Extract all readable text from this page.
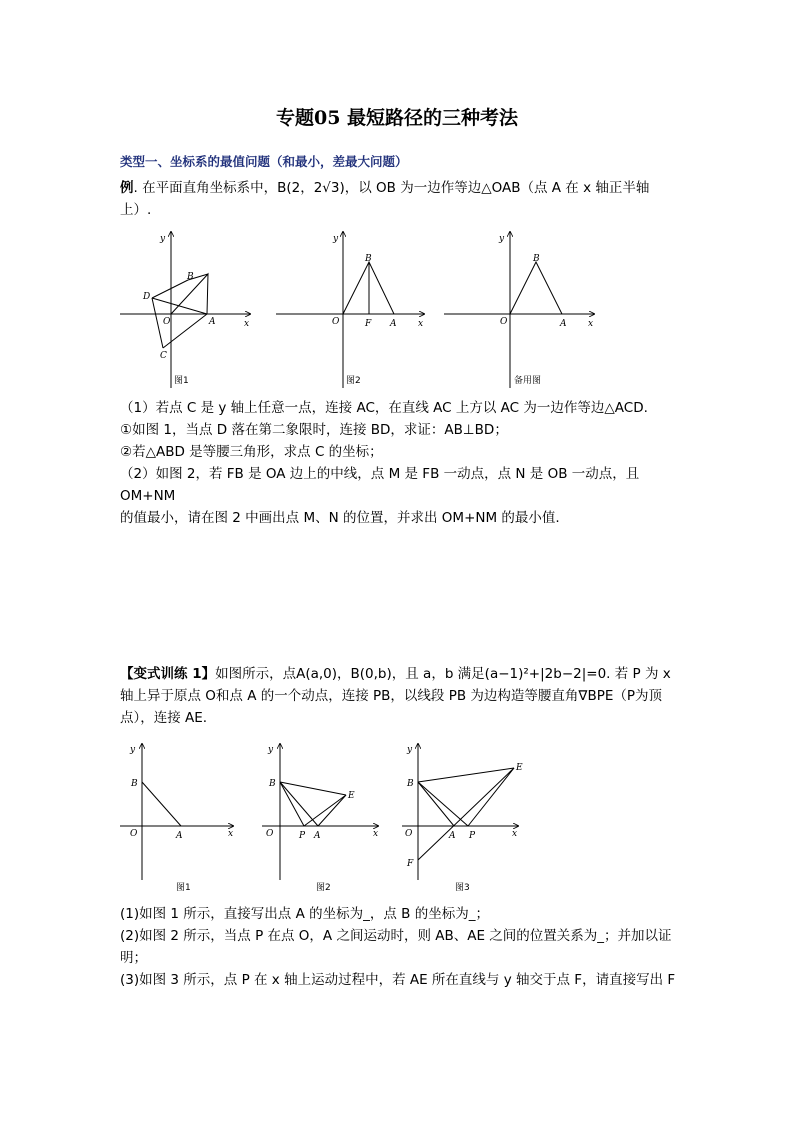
专题05 最短路径的三种考法
类型一、坐标系的最值问题（和最小，差最大问题）
例. 在平面直角坐标系中，B(2，2√3)，以 OB 为一边作等边△OAB（点 A 在 x 轴正半轴
上）.
y
x
O	A
B
D
C
y
x
O	F A
B
y
x
O	A
B
图1	图2	备用图
（1）若点 C 是 y 轴上任意一点，连接 AC，在直线 AC 上方以 AC 为一边作等边△ACD.
①如图 1，当点 D 落在第二象限时，连接 BD，求证：AB⊥BD；
②若△ABD 是等腰三角形，求点 C 的坐标；
（2）如图 2，若 FB 是 OA 边上的中线，点 M 是 FB 一动点，点 N 是 OB 一动点，且 OM+NM
的值最小，请在图 2 中画出点 M、N 的位置，并求出 OM+NM 的最小值.
【变式训练 1】如图所示，点A(a,0)，B(0,b)，且 a，b 满足(a−1)²+|2b−2|=0. 若 P 为 x
轴上异于原点 O和点 A 的一个动点，连接 PB，以线段 PB 为边构造等腰直角∇BPE（P为顶
点），连接 AE.
y
x
O	A
B
y
x
O	P A
E
B
y
x
O	A P
E
B
F
图1	图2	图3
(1)如图 1 所示，直接写出点 A 的坐标为_，点 B 的坐标为_；
(2)如图 2 所示，当点 P 在点 O，A 之间运动时，则 AB、AE 之间的位置关系为_；并加以证
明；
(3)如图 3 所示，点 P 在 x 轴上运动过程中，若 AE 所在直线与 y 轴交于点 F，请直接写出 F
